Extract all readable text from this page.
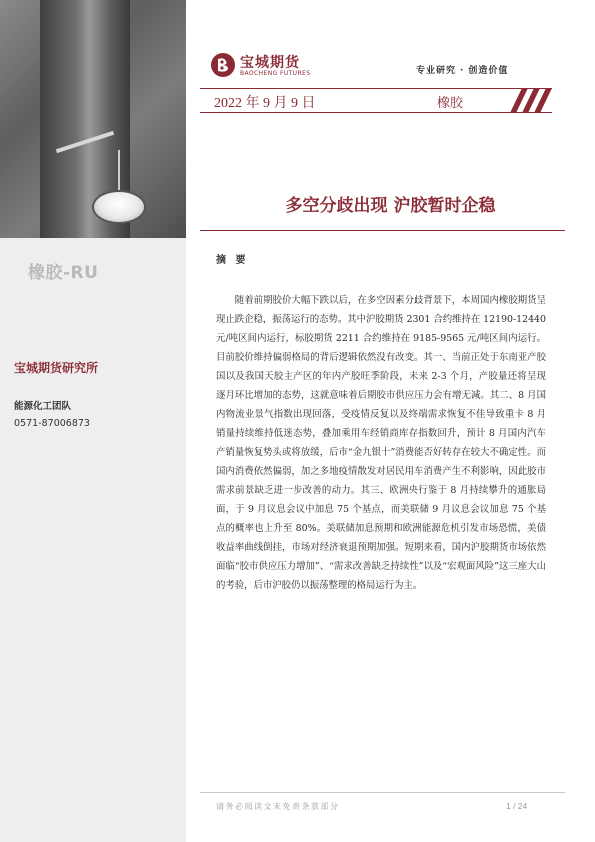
橡胶-RU
宝城期货研究所
能源化工团队
0571-87006873
宝城期货
BAOCHENG FUTURES	专业研究 · 创造价值
2022 年 9 月 9 日	橡胶
多空分歧出现 沪胶暂时企稳
摘 要

随着前期胶价大幅下跌以后，在多空因素分歧背景下，本周国内橡胶期货呈现止跌企稳，振荡运行的态势。其中沪胶期货 2301 合约维持在 12190-12440 元/吨区间内运行，标胶期货 2211 合约维持在 9185-9565 元/吨区间内运行。目前胶价维持偏弱格局的背后逻辑依然没有改变。其一、当前正处于东南亚产胶国以及我国天胶主产区的年内产胶旺季阶段，未来 2-3 个月，产胶量还将呈现逐月环比增加的态势，这就意味着后期胶市供应压力会有增无减。其二、8 月国内物流业景气指数出现回落，受疫情反复以及终端需求恢复不佳导致重卡 8 月销量持续维持低迷态势，叠加乘用车经销商库存指数回升，预计 8 月国内汽车产销量恢复势头或将放缓，后市“金九银十”消费能否好转存在较大不确定性。而国内消费依然偏弱，加之多地疫情散发对居民用车消费产生不利影响，因此胶市需求前景缺乏进一步改善的动力。其三、欧洲央行鉴于 8 月持续攀升的通胀局面，于 9 月议息会议中加息 75 个基点，而美联储 9 月议息会议加息 75 个基点的概率也上升至 80%。美联储加息预期和欧洲能源危机引发市场恐慌，美债收益率曲线倒挂，市场对经济衰退预期加强。短期来看，国内沪胶期货市场依然面临“胶市供应压力增加”、“需求改善缺乏持续性”以及“宏观面风险”这三座大山的考验，后市沪胶仍以振荡整理的格局运行为主。

请务必阅读文末免责条款部分	1 / 24
